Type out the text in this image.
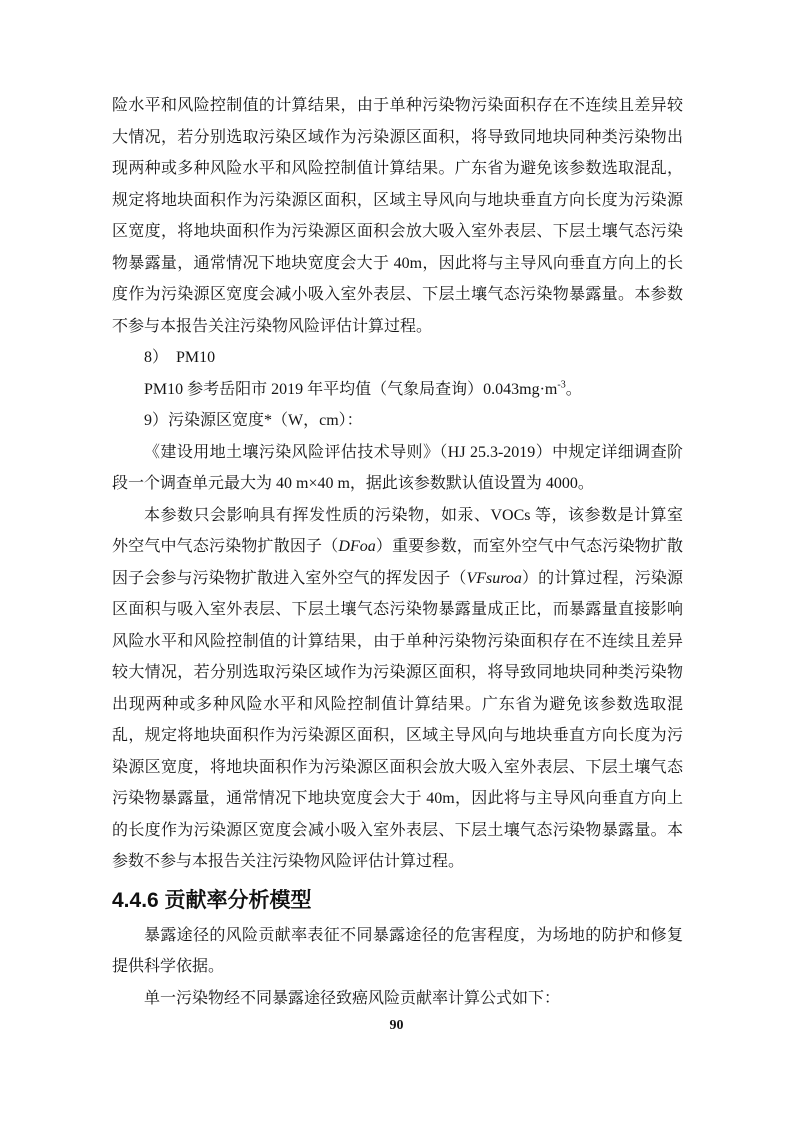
险水平和风险控制值的计算结果，由于单种污染物污染面积存在不连续且差异较大情况，若分别选取污染区域作为污染源区面积，将导致同地块同种类污染物出现两种或多种风险水平和风险控制值计算结果。广东省为避免该参数选取混乱，规定将地块面积作为污染源区面积，区域主导风向与地块垂直方向长度为污染源区宽度，将地块面积作为污染源区面积会放大吸入室外表层、下层土壤气态污染物暴露量，通常情况下地块宽度会大于 40m，因此将与主导风向垂直方向上的长度作为污染源区宽度会减小吸入室外表层、下层土壤气态污染物暴露量。本参数不参与本报告关注污染物风险评估计算过程。

8） PM10

PM10 参考岳阳市 2019 年平均值（气象局查询）$0.043mg\cdot m^{-3}$。

9）污染源区宽度*（W，cm）：

《建设用地土壤污染风险评估技术导则》（HJ 25.3-2019）中规定详细调查阶段一个调查单元最大为 40 m×40 m，据此该参数默认值设置为 4000。

本参数只会影响具有挥发性质的污染物，如汞、VOCs 等，该参数是计算室外空气中气态污染物扩散因子（DFoa）重要参数，而室外空气中气态污染物扩散因子会参与污染物扩散进入室外空气的挥发因子（VFsuroa）的计算过程，污染源区面积与吸入室外表层、下层土壤气态污染物暴露量成正比，而暴露量直接影响风险水平和风险控制值的计算结果，由于单种污染物污染面积存在不连续且差异较大情况，若分别选取污染区域作为污染源区面积，将导致同地块同种类污染物出现两种或多种风险水平和风险控制值计算结果。广东省为避免该参数选取混乱，规定将地块面积作为污染源区面积，区域主导风向与地块垂直方向长度为污染源区宽度，将地块面积作为污染源区面积会放大吸入室外表层、下层土壤气态污染物暴露量，通常情况下地块宽度会大于 40m，因此将与主导风向垂直方向上的长度作为污染源区宽度会减小吸入室外表层、下层土壤气态污染物暴露量。本参数不参与本报告关注污染物风险评估计算过程。

4.4.6 贡献率分析模型

暴露途径的风险贡献率表征不同暴露途径的危害程度，为场地的防护和修复提供科学依据。

单一污染物经不同暴露途径致癌风险贡献率计算公式如下：

90
